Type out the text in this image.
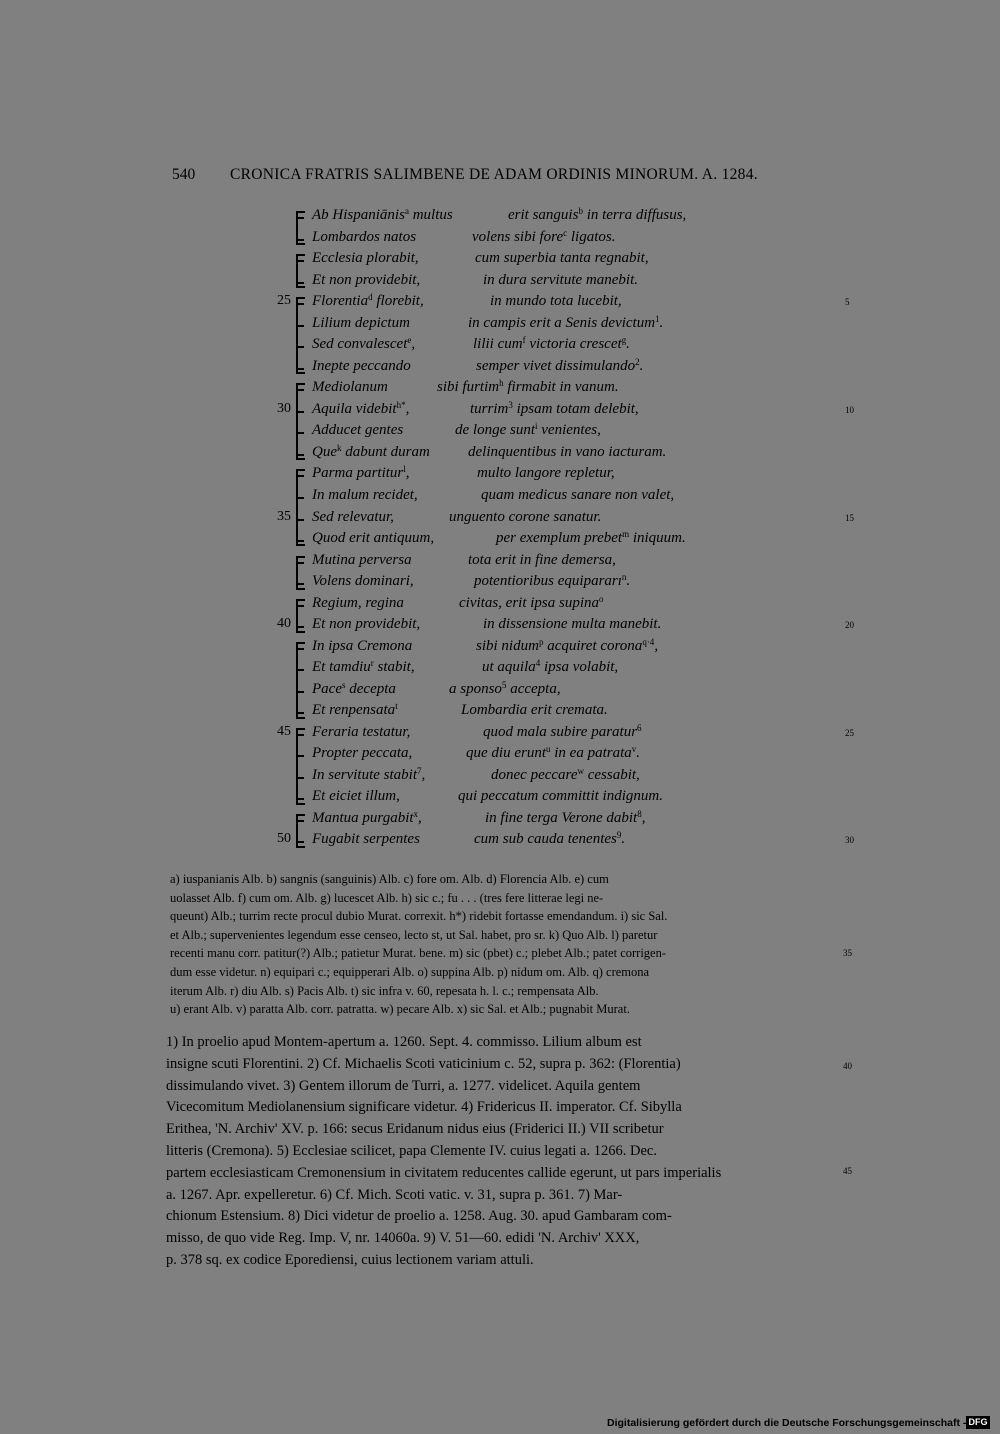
540 CRONICA FRATRIS SALIMBENE DE ADAM ORDINIS MINORUM. A. 1284.
Ab Hispaniānis$^a$ multus	erit sanguis$^b$ in terra diffusus,
Lombardos natos	volens sibi fore$^c$ ligatos.
Ecclesia plorabit,	cum superbia tanta regnabit,
Et non providebit,	in dura servitute manebit.
Florentia$^d$ florebit,	in mundo tota lucebit,
25	5
Lilium depictum	in campis erit a Senis devictum$^1$.
Sed convalescet$^e$,	lilii cum$^f$ victoria crescet$^g$.
Inepte peccando	semper vivet dissimulando$^2$.
Mediolanum	sibi furtim$^h$ firmabit in vanum.
Aquila videbit$^{h*}$,	turrim$^3$ ipsam totam delebit,
30	10
Adducet gentes	de longe sunt$^i$ venientes,
Que$^k$ dabunt duram	delinquentibus in vano iacturam.
Parma partitur$^l$,	multo langore repletur,
In malum recidet,	quam medicus sanare non valet,
Sed relevatur,	unguento corone sanatur.
35	15
Quod erit antiquum,	per exemplum prebet$^m$ iniquum.
Mutina perversa	tota erit in fine demersa,
Volens dominari,	potentioribus equipararı$^n$.
Regium, regina	civitas, erit ipsa supina$^o$
Et non providebit,	in dissensione multa manebit.
40	20
In ipsa Cremona	sibi nidum$^p$ acquiret corona$^{q\cdot 4}$,
Et tamdiu$^r$ stabit,	ut aquila$^4$ ipsa volabit,
Pace$^s$ decepta	a sponso$^5$ accepta,
Et renpensata$^t$	Lombardia erit cremata.
Feraria testatur,	quod mala subire paratur$^6$
45	25
Propter peccata,	que diu erunt$^u$ in ea patrata$^v$.
In servitute stabit$^7$,	donec peccare$^w$ cessabit,
Et eiciet illum,	qui peccatum committit indignum.
Mantua purgabit$^x$,	in fine terga Verone dabit$^8$,
Fugabit serpentes	cum sub cauda tenentes$^9$.
50	30
a) iuspanianis Alb. b) sangnis (sanguinis) Alb. c) fore om. Alb. d) Florencia Alb. e) cum
uolasset Alb. f) cum om. Alb. g) lucescet Alb. h) sic c.; fu . . . (tres fere litterae legi ne-
queunt) Alb.; turrim recte procul dubio Murat. correxit. h*) ridebit fortasse emendandum. i) sic Sal.
et Alb.; supervenientes legendum esse censeo, lecto st, ut Sal. habet, pro sr. k) Quo Alb. l) paretur
recenti manu corr. patitur(?) Alb.; patietur Murat. bene. m) sic (pbet) c.; plebet Alb.; patet corrigen-
dum esse videtur. n) equipari c.; equipperari Alb. o) suppina Alb. p) nidum om. Alb. q) cremona
iterum Alb. r) diu Alb. s) Pacis Alb. t) sic infra v. 60, repesata h. l. c.; rempensata Alb.
u) erant Alb. v) paratta Alb. corr. patratta. w) pecare Alb. x) sic Sal. et Alb.; pugnabit Murat.
35
1) In proelio apud Montem-apertum a. 1260. Sept. 4. commisso. Lilium album est
insigne scuti Florentini. 2) Cf. Michaelis Scoti vaticinium c. 52, supra p. 362: (Florentia)
dissimulando vivet. 3) Gentem illorum de Turri, a. 1277. videlicet. Aquila gentem
Vicecomitum Mediolanensium significare videtur. 4) Fridericus II. imperator. Cf. Sibylla
Erithea, 'N. Archiv' XV. p. 166: secus Eridanum nidus eius (Friderici II.) VII scribetur
litteris (Cremona). 5) Ecclesiae scilicet, papa Clemente IV. cuius legati a. 1266. Dec.
partem ecclesiasticam Cremonensium in civitatem reducentes callide egerunt, ut pars imperialis
a. 1267. Apr. expelleretur. 6) Cf. Mich. Scoti vatic. v. 31, supra p. 361. 7) Mar-
chionum Estensium. 8) Dici videtur de proelio a. 1258. Aug. 30. apud Gambaram com-
misso, de quo vide Reg. Imp. V, nr. 14060a. 9) V. 51—60. edidi 'N. Archiv' XXX,
p. 378 sq. ex codice Eporediensi, cuius lectionem variam attuli.
40
45
Digitalisierung gefördert durch die Deutsche Forschungsgemeinschaft - DFG
